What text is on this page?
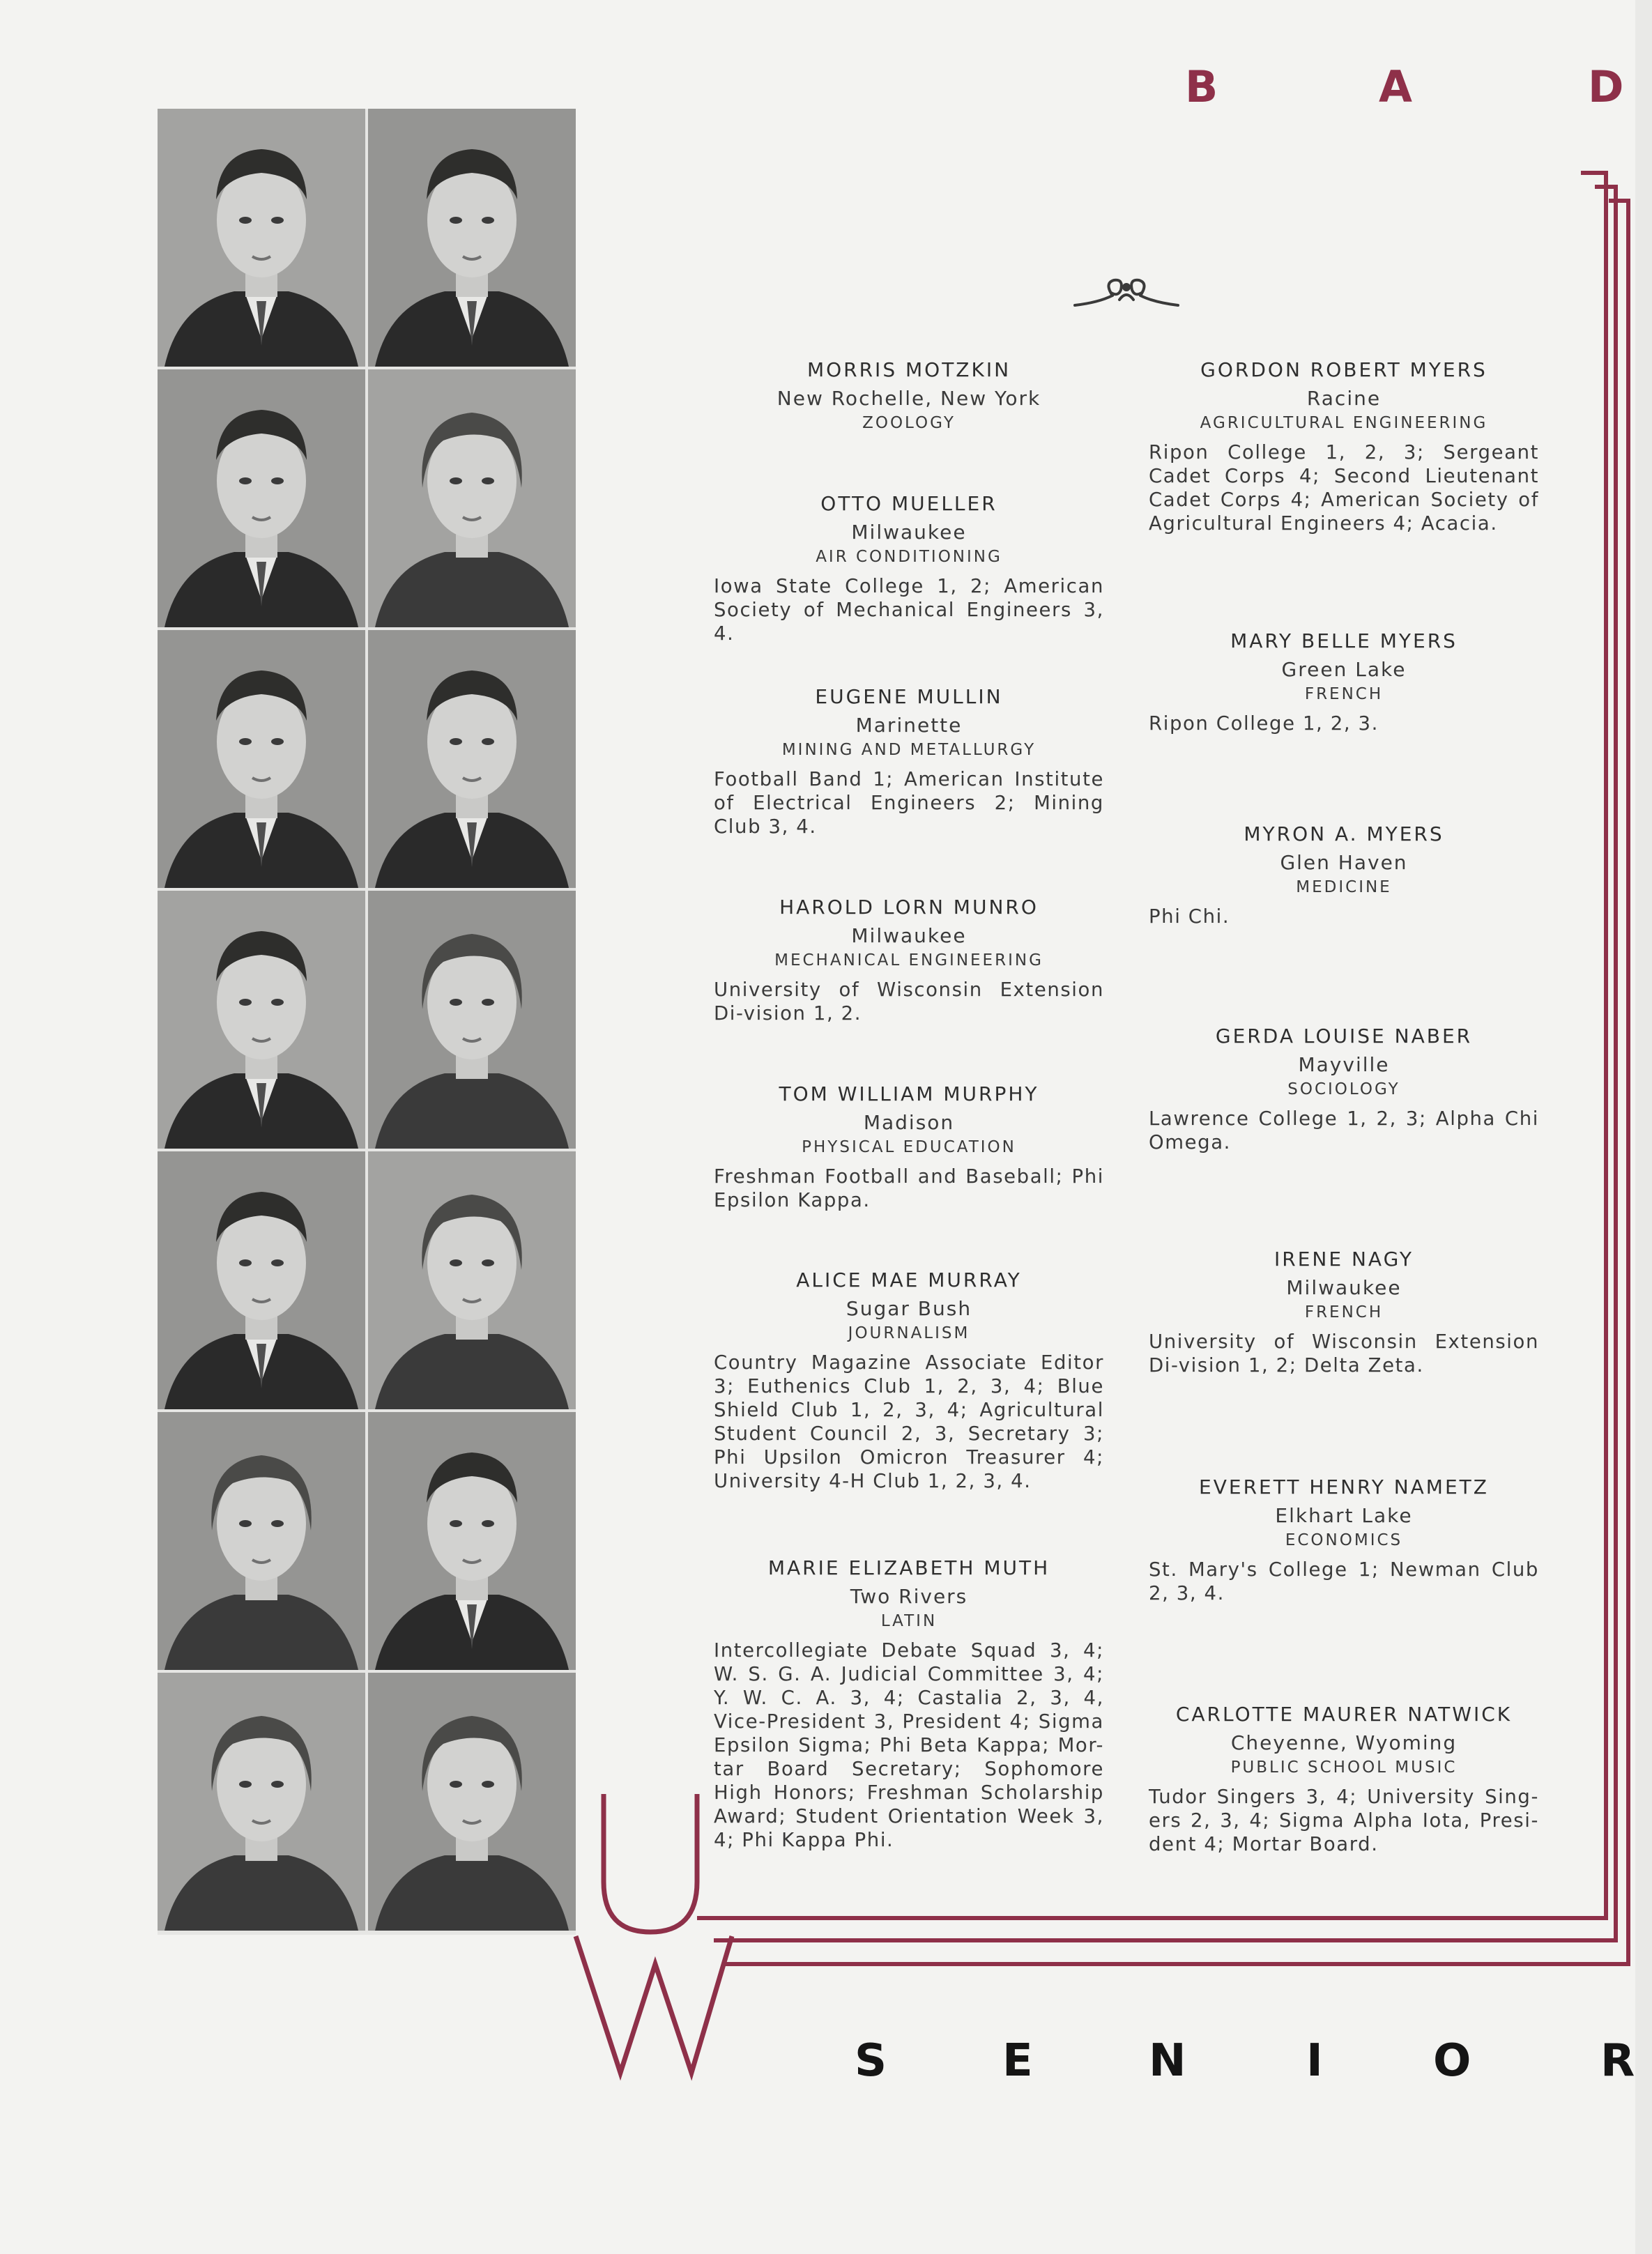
B	A	D
U
W

MORRIS MOTZKIN

New Rochelle, New York

ZOOLOGY

OTTO MUELLER

Milwaukee

AIR CONDITIONING

Iowa State College 1, 2; American Society of Mechanical Engineers 3, 4.

EUGENE MULLIN

Marinette

MINING AND METALLURGY

Football Band 1; American Institute of Electrical Engineers 2; Mining Club 3, 4.

HAROLD LORN MUNRO

Milwaukee

MECHANICAL ENGINEERING

University of Wisconsin Extension Di-vision 1, 2.

TOM WILLIAM MURPHY

Madison

PHYSICAL EDUCATION

Freshman Football and Baseball; Phi Epsilon Kappa.

ALICE MAE MURRAY

Sugar Bush

JOURNALISM

Country Magazine Associate Editor 3; Euthenics Club 1, 2, 3, 4; Blue Shield Club 1, 2, 3, 4; Agricultural Student Council 2, 3, Secretary 3; Phi Upsilon Omicron Treasurer 4; University 4-H Club 1, 2, 3, 4.

MARIE ELIZABETH MUTH

Two Rivers

LATIN

Intercollegiate Debate Squad 3, 4; W. S. G. A. Judicial Committee 3, 4; Y. W. C. A. 3, 4; Castalia 2, 3, 4, Vice-President 3, President 4; Sigma Epsilon Sigma; Phi Beta Kappa; Mor-tar Board Secretary; Sophomore High Honors; Freshman Scholarship Award; Student Orientation Week 3, 4; Phi Kappa Phi.

GORDON ROBERT MYERS

Racine

AGRICULTURAL ENGINEERING

Ripon College 1, 2, 3; Sergeant Cadet Corps 4; Second Lieutenant Cadet Corps 4; American Society of Agricultural Engineers 4; Acacia.

MARY BELLE MYERS

Green Lake

FRENCH

Ripon College 1, 2, 3.

MYRON A. MYERS

Glen Haven

MEDICINE

Phi Chi.

GERDA LOUISE NABER

Mayville

SOCIOLOGY

Lawrence College 1, 2, 3; Alpha Chi Omega.

IRENE NAGY

Milwaukee

FRENCH

University of Wisconsin Extension Di-vision 1, 2; Delta Zeta.

EVERETT HENRY NAMETZ

Elkhart Lake

ECONOMICS

St. Mary's College 1; Newman Club 2, 3, 4.

CARLOTTE MAURER NATWICK

Cheyenne, Wyoming

PUBLIC SCHOOL MUSIC

Tudor Singers 3, 4; University Sing-ers 2, 3, 4; Sigma Alpha Iota, Presi-dent 4; Mortar Board.

S	E	N	I O	R
